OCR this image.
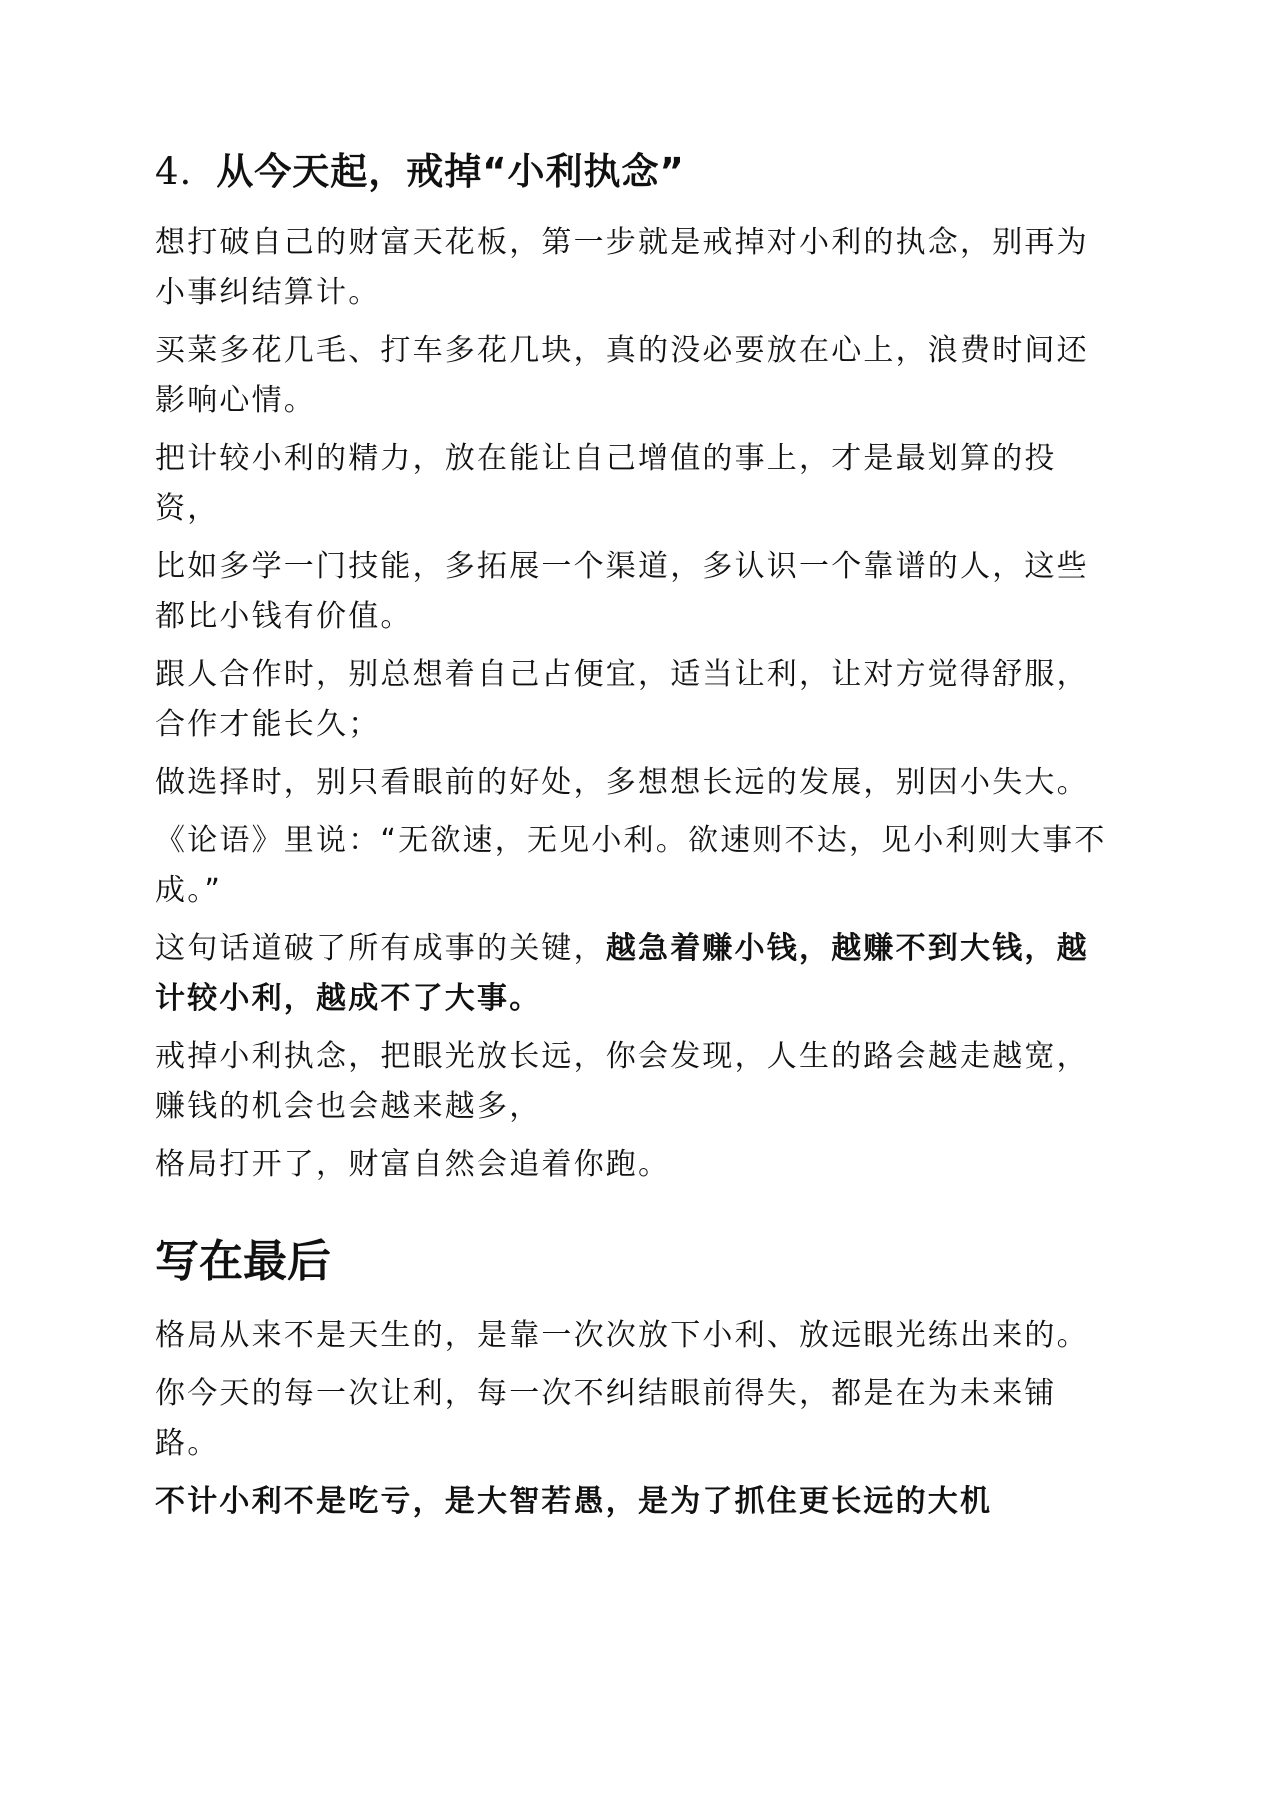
4. 从今天起，戒掉“小利执念”

想打破自己的财富天花板，第一步就是戒掉对小利的执念，别再为小事纠结算计。

买菜多花几毛、打车多花几块，真的没必要放在心上，浪费时间还影响心情。

把计较小利的精力，放在能让自己增值的事上，才是最划算的投资，

比如多学一门技能，多拓展一个渠道，多认识一个靠谱的人，这些都比小钱有价值。

跟人合作时，别总想着自己占便宜，适当让利，让对方觉得舒服，合作才能长久；

做选择时，别只看眼前的好处，多想想长远的发展，别因小失大。

《论语》里说：“无欲速，无见小利。欲速则不达，见小利则大事不成。”

这句话道破了所有成事的关键，越急着赚小钱，越赚不到大钱，越计较小利，越成不了大事。

戒掉小利执念，把眼光放长远，你会发现，人生的路会越走越宽，赚钱的机会也会越来越多，

格局打开了，财富自然会追着你跑。

写在最后

格局从来不是天生的，是靠一次次放下小利、放远眼光练出来的。

你今天的每一次让利，每一次不纠结眼前得失，都是在为未来铺路。

不计小利不是吃亏，是大智若愚，是为了抓住更长远的大机
